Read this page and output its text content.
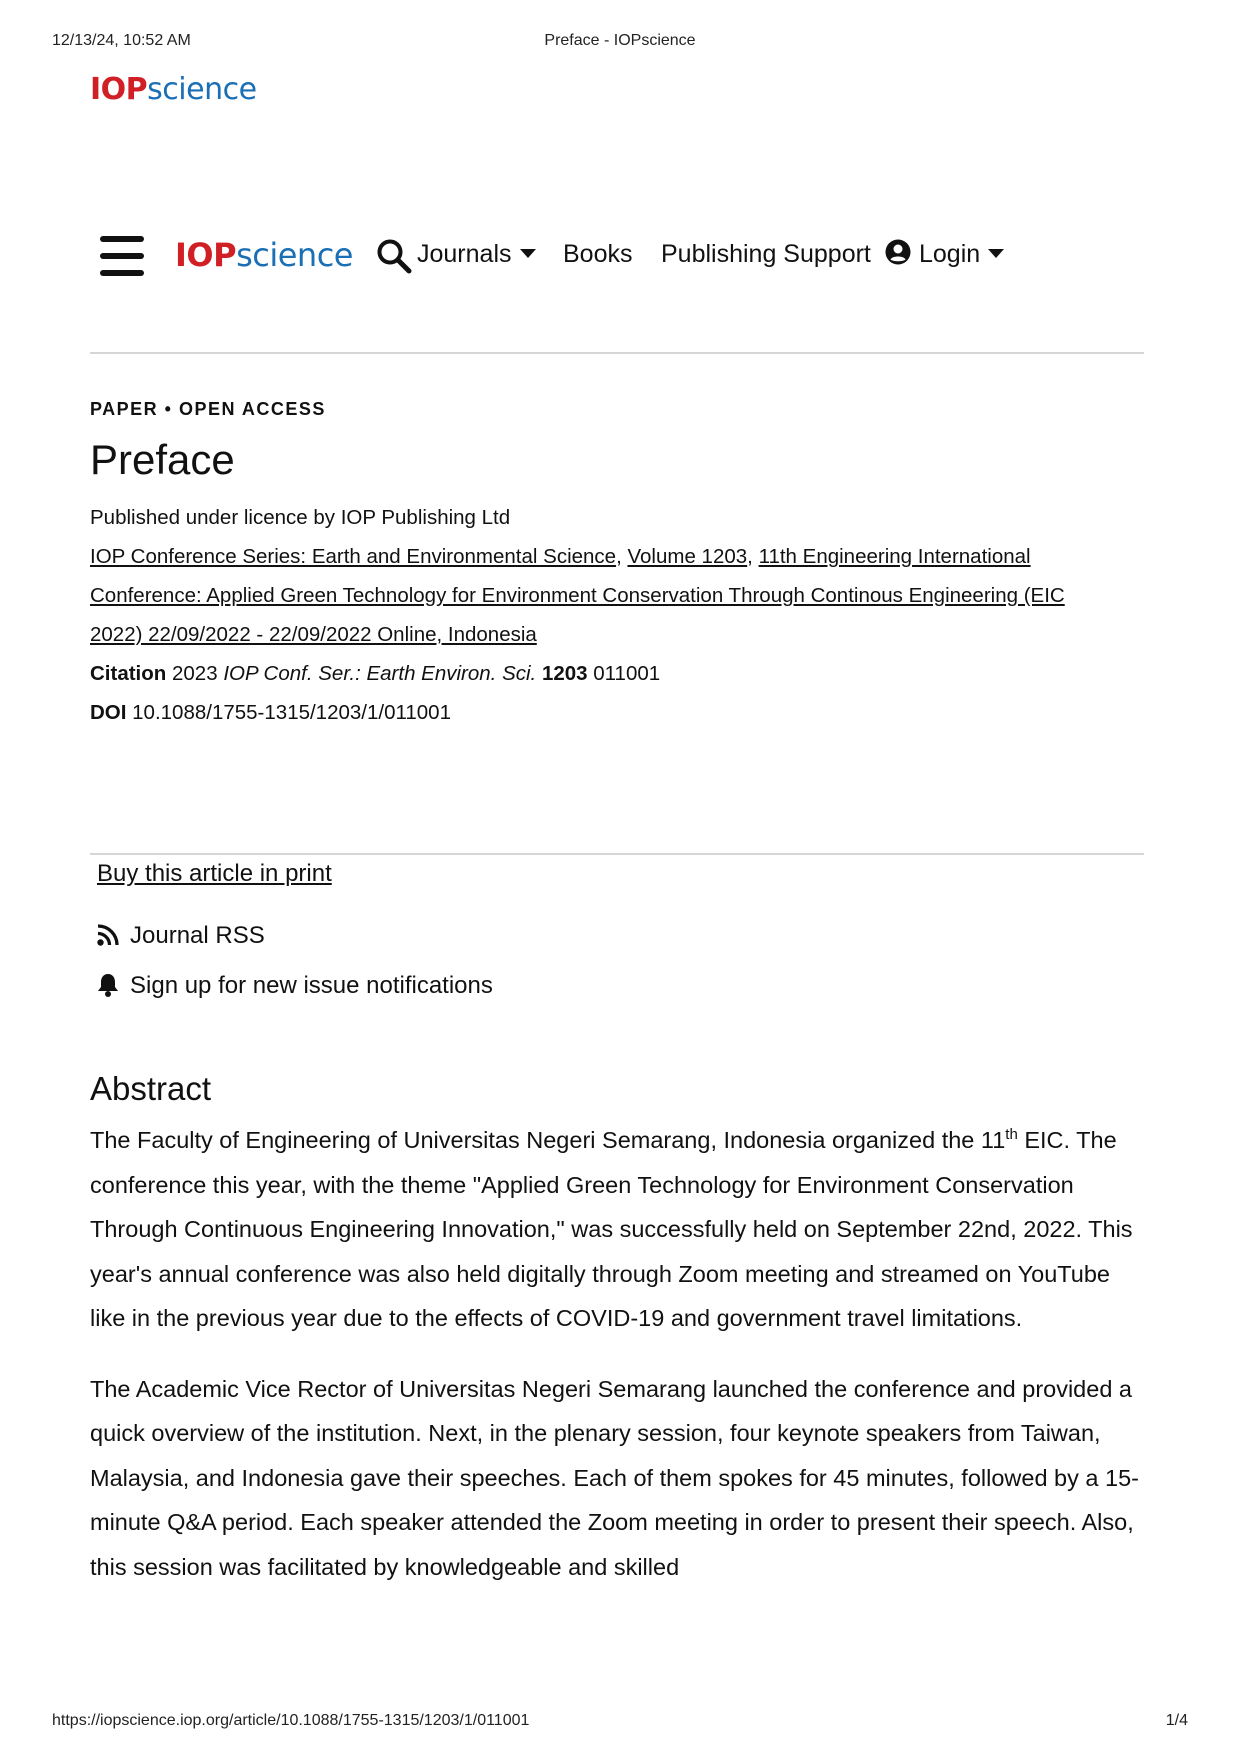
12/13/24, 10:52 AM	Preface - IOPscience
IOPscience
IOPscience	Journals	Books Publishing Support	Login
PAPER • OPEN ACCESS
Preface
Published under licence by IOP Publishing Ltd
IOP Conference Series: Earth and Environmental Science, Volume 1203, 11th Engineering International
Conference: Applied Green Technology for Environment Conservation Through Continous Engineering (EIC
2022) 22/09/2022 - 22/09/2022 Online, Indonesia
Citation 2023 IOP Conf. Ser.: Earth Environ. Sci. 1203 011001
DOI 10.1088/1755-1315/1203/1/011001
Buy this article in print
Journal RSS
Sign up for new issue notifications
Abstract

The Faculty of Engineering of Universitas Negeri Semarang, Indonesia organized the 11th EIC. The conference this year, with the theme "Applied Green Technology for Environment Conservation Through Continuous Engineering Innovation," was successfully held on September 22nd, 2022. This year's annual conference was also held digitally through Zoom meeting and streamed on YouTube like in the previous year due to the effects of COVID-19 and government travel limitations.

The Academic Vice Rector of Universitas Negeri Semarang launched the conference and provided a quick overview of the institution. Next, in the plenary session, four keynote speakers from Taiwan, Malaysia, and Indonesia gave their speeches. Each of them spokes for 45 minutes, followed by a 15-minute Q&A period. Each speaker attended the Zoom meeting in order to present their speech. Also, this session was facilitated by knowledgeable and skilled

https://iopscience.iop.org/article/10.1088/1755-1315/1203/1/011001	1/4
